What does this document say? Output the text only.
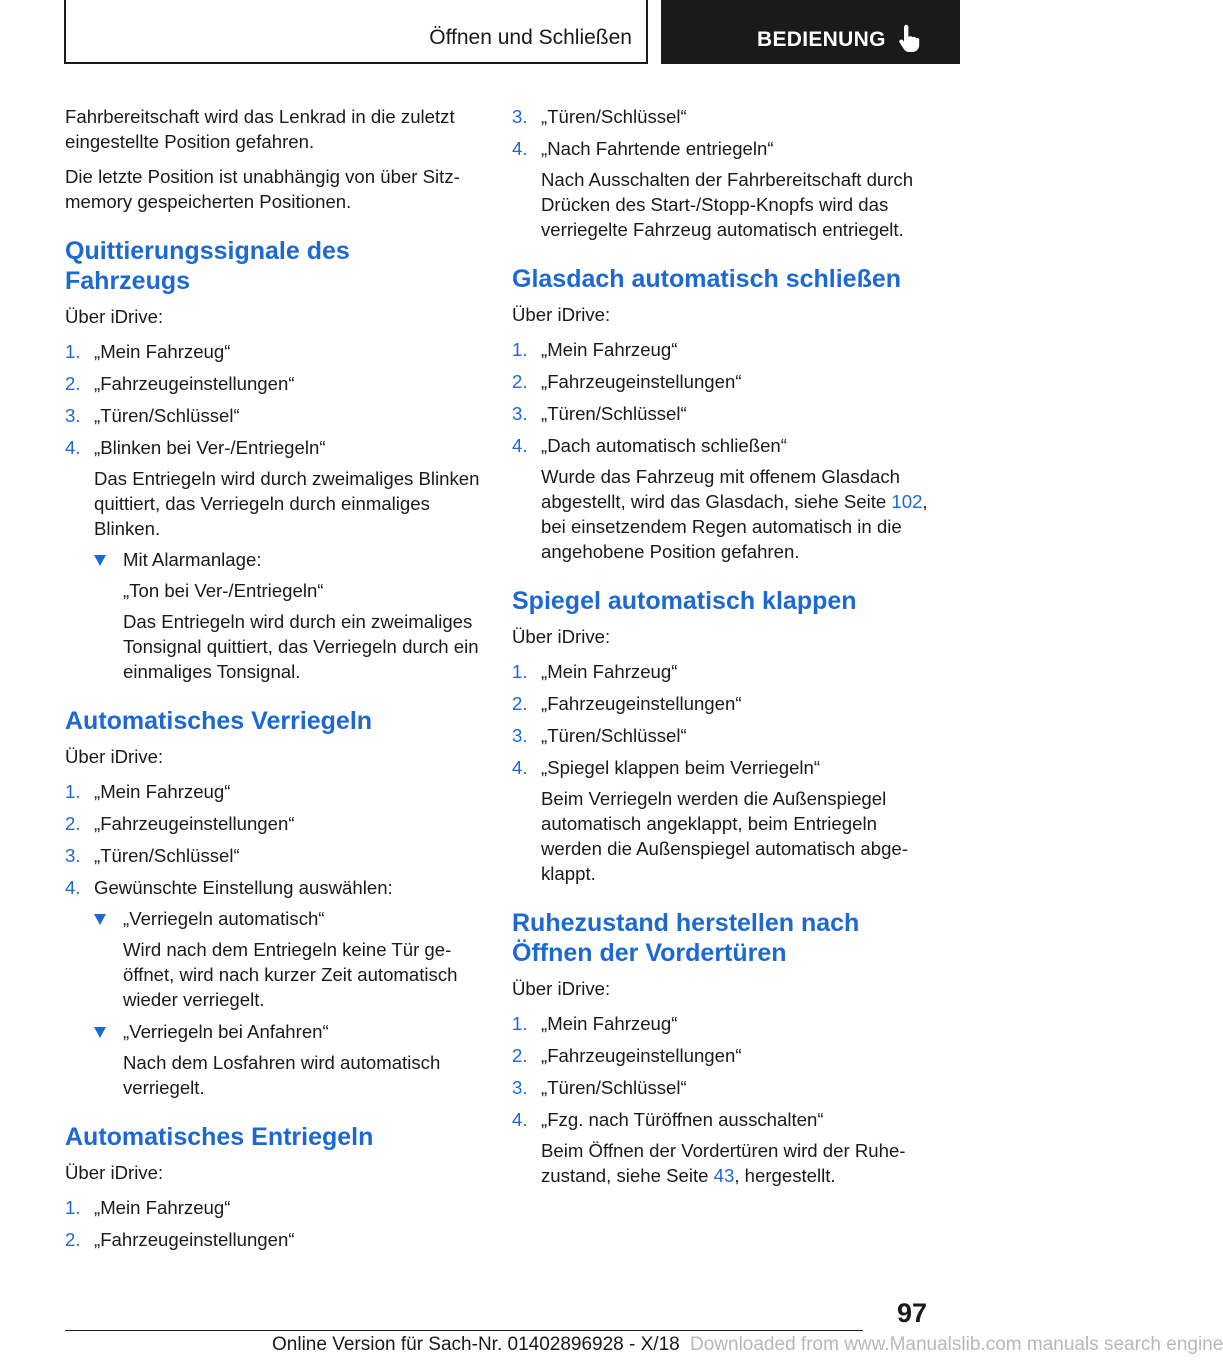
Öffnen und Schließen	BEDIENUNG

Fahrbereitschaft wird das Lenkrad in die zuletzt eingestellte Position gefahren.

Die letzte Position ist unabhängig von über Sitzmemory gespeicherten Positionen.

Quittierungssignale des Fahrzeugs

Über iDrive:

1. „Mein Fahrzeug“

2. „Fahrzeugeinstellungen“

3. „Türen/Schlüssel“

4. „Blinken bei Ver-/Entriegeln“

Das Entriegeln wird durch zweimaliges Blinken quittiert, das Verriegeln durch einmaliges Blinken.

Mit Alarmanlage:

„Ton bei Ver-/Entriegeln“

Das Entriegeln wird durch ein zweimaliges Tonsignal quittiert, das Verriegeln durch ein einmaliges Tonsignal.

Automatisches Verriegeln

Über iDrive:

1. „Mein Fahrzeug“

2. „Fahrzeugeinstellungen“

3. „Türen/Schlüssel“

4. Gewünschte Einstellung auswählen:

„Verriegeln automatisch“

Wird nach dem Entriegeln keine Tür geöffnet, wird nach kurzer Zeit automatisch wieder verriegelt.

„Verriegeln bei Anfahren“

Nach dem Losfahren wird automatisch verriegelt.

Automatisches Entriegeln

Über iDrive:

1. „Mein Fahrzeug“

2. „Fahrzeugeinstellungen“

3. „Türen/Schlüssel“

4. „Nach Fahrtende entriegeln“

Nach Ausschalten der Fahrbereitschaft durch Drücken des Start-/Stopp-Knopfs wird das verriegelte Fahrzeug automatisch entriegelt.

Glasdach automatisch schließen

Über iDrive:

1. „Mein Fahrzeug“

2. „Fahrzeugeinstellungen“

3. „Türen/Schlüssel“

4. „Dach automatisch schließen“

Wurde das Fahrzeug mit offenem Glasdach abgestellt, wird das Glasdach, siehe Seite 102, bei einsetzendem Regen automatisch in die angehobene Position gefahren.

Spiegel automatisch klappen

Über iDrive:

1. „Mein Fahrzeug“

2. „Fahrzeugeinstellungen“

3. „Türen/Schlüssel“

4. „Spiegel klappen beim Verriegeln“

Beim Verriegeln werden die Außenspiegel automatisch angeklappt, beim Entriegeln werden die Außenspiegel automatisch abgeklappt.

Ruhezustand herstellen nach Öffnen der Vordertüren

Über iDrive:

1. „Mein Fahrzeug“

2. „Fahrzeugeinstellungen“

3. „Türen/Schlüssel“

4. „Fzg. nach Türöffnen ausschalten“

Beim Öffnen der Vordertüren wird der Ruhezustand, siehe Seite 43, hergestellt.

97
Online Version für Sach-Nr. 01402896928 - X/18 Downloaded from www.Manualslib.com manuals search engine
